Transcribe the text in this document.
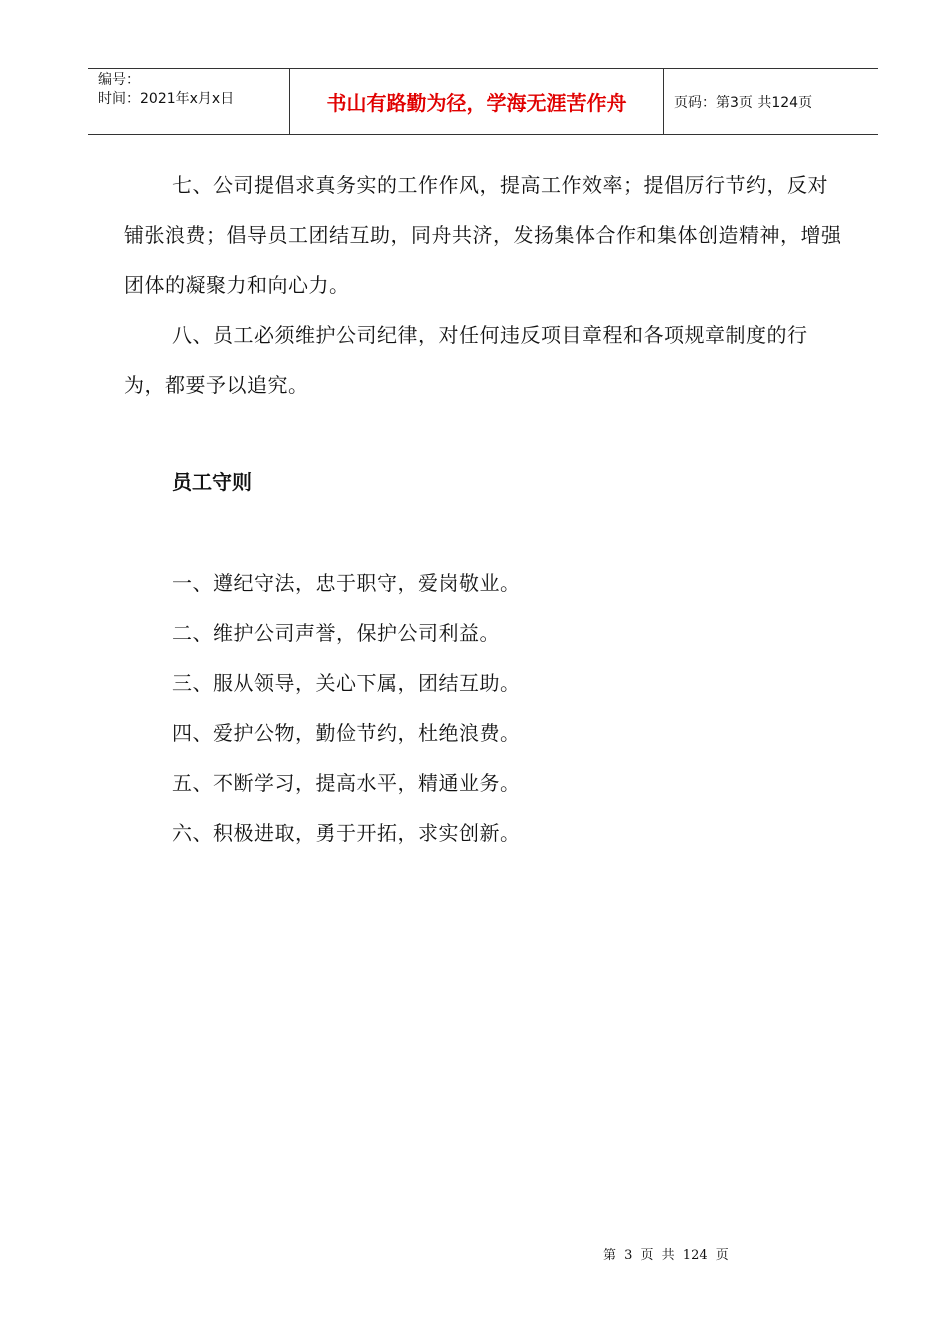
编号：
时间：2021年x月x日	书山有路勤为径，学海无涯苦作舟	页码：第3页 共124页

七、公司提倡求真务实的工作作风，提高工作效率；提倡厉行节约，反对铺张浪费；倡导员工团结互助，同舟共济，发扬集体合作和集体创造精神，增强团体的凝聚力和向心力。

八、员工必须维护公司纪律，对任何违反项目章程和各项规章制度的行为，都要予以追究。

员工守则
一、遵纪守法，忠于职守，爱岗敬业。
二、维护公司声誉，保护公司利益。
三、服从领导，关心下属，团结互助。
四、爱护公物，勤俭节约，杜绝浪费。
五、不断学习，提高水平，精通业务。
六、积极进取，勇于开拓，求实创新。
第 3 页 共 124 页
